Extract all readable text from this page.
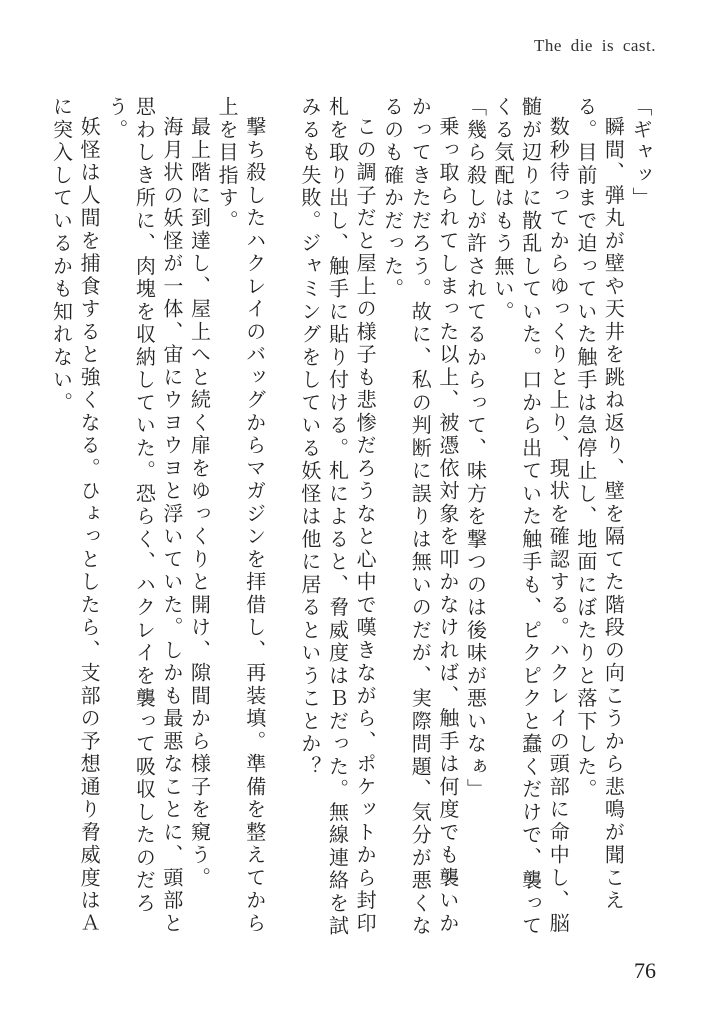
The die is cast.

「ギャッ」

瞬間、弾丸が壁や天井を跳ね返り、壁を隔てた階段の向こうから悲鳴が聞こえる。目前まで迫っていた触手は急停止し、地面にぼたりと落下した。

数秒待ってからゆっくりと上り、現状を確認する。ハクレイの頭部に命中し、脳髄が辺りに散乱していた。口から出ていた触手も、ピクピクと蠢くだけで、襲ってくる気配はもう無い。

「幾ら殺しが許されてるからって、味方を撃つのは後味が悪いなぁ」

乗っ取られてしまった以上、被憑依対象を叩かなければ、触手は何度でも襲いかかってきただろう。故に、私の判断に誤りは無いのだが、実際問題、気分が悪くなるのも確かだった。

この調子だと屋上の様子も悲惨だろうなと心中で嘆きながら、ポケットから封印札を取り出し、触手に貼り付ける。札によると、脅威度はＢだった。無線連絡を試みるも失敗。ジャミングをしている妖怪は他に居るということか？

撃ち殺したハクレイのバッグからマガジンを拝借し、再装填。準備を整えてから上を目指す。

最上階に到達し、屋上へと続く扉をゆっくりと開け、隙間から様子を窺う。

海月状の妖怪が一体、宙にウヨウヨと浮いていた。しかも最悪なことに、頭部と思わしき所に、肉塊を収納していた。恐らく、ハクレイを襲って吸収したのだろう。

妖怪は人間を捕食すると強くなる。ひょっとしたら、支部の予想通り脅威度はＡに突入しているかも知れない。

76
